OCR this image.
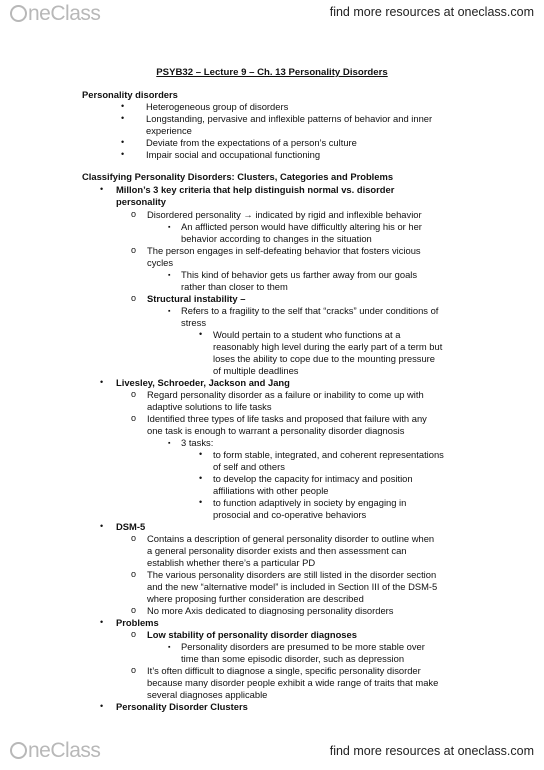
neClass	find more resources at oneclass.com
PSYB32 – Lecture 9 – Ch. 13 Personality Disorders
Personality disorders
• Heterogeneous group of disorders
• Longstanding, pervasive and inflexible patterns of behavior and inner
experience
• Deviate from the expectations of a person’s culture
• Impair social and occupational functioning
Classifying Personality Disorders: Clusters, Categories and Problems
• Millon’s 3 key criteria that help distinguish normal vs. disorder
personality
o Disordered personality → indicated by rigid and inflexible behavior
▪ An afflicted person would have difficultly altering his or her
behavior according to changes in the situation
o The person engages in self-defeating behavior that fosters vicious
cycles
▪ This kind of behavior gets us farther away from our goals
rather than closer to them
o Structural instability –
▪ Refers to a fragility to the self that “cracks” under conditions of
stress
• Would pertain to a student who functions at a
reasonably high level during the early part of a term but
loses the ability to cope due to the mounting pressure
of multiple deadlines
• Livesley, Schroeder, Jackson and Jang
o Regard personality disorder as a failure or inability to come up with
adaptive solutions to life tasks
o Identified three types of life tasks and proposed that failure with any
one task is enough to warrant a personality disorder diagnosis
▪ 3 tasks:
• to form stable, integrated, and coherent representations
of self and others
• to develop the capacity for intimacy and position
affiliations with other people
• to function adaptively in society by engaging in
prosocial and co-operative behaviors
• DSM-5
o Contains a description of general personality disorder to outline when
a general personality disorder exists and then assessment can
establish whether there’s a particular PD
o The various personality disorders are still listed in the disorder section
and the new “alternative model” is included in Section III of the DSM-5
where proposing further consideration are described
o No more Axis dedicated to diagnosing personality disorders
• Problems
o Low stability of personality disorder diagnoses
▪ Personality disorders are presumed to be more stable over
time than some episodic disorder, such as depression
o It’s often difficult to diagnose a single, specific personality disorder
because many disorder people exhibit a wide range of traits that make
several diagnoses applicable
• Personality Disorder Clusters
neClass	find more resources at oneclass.com
